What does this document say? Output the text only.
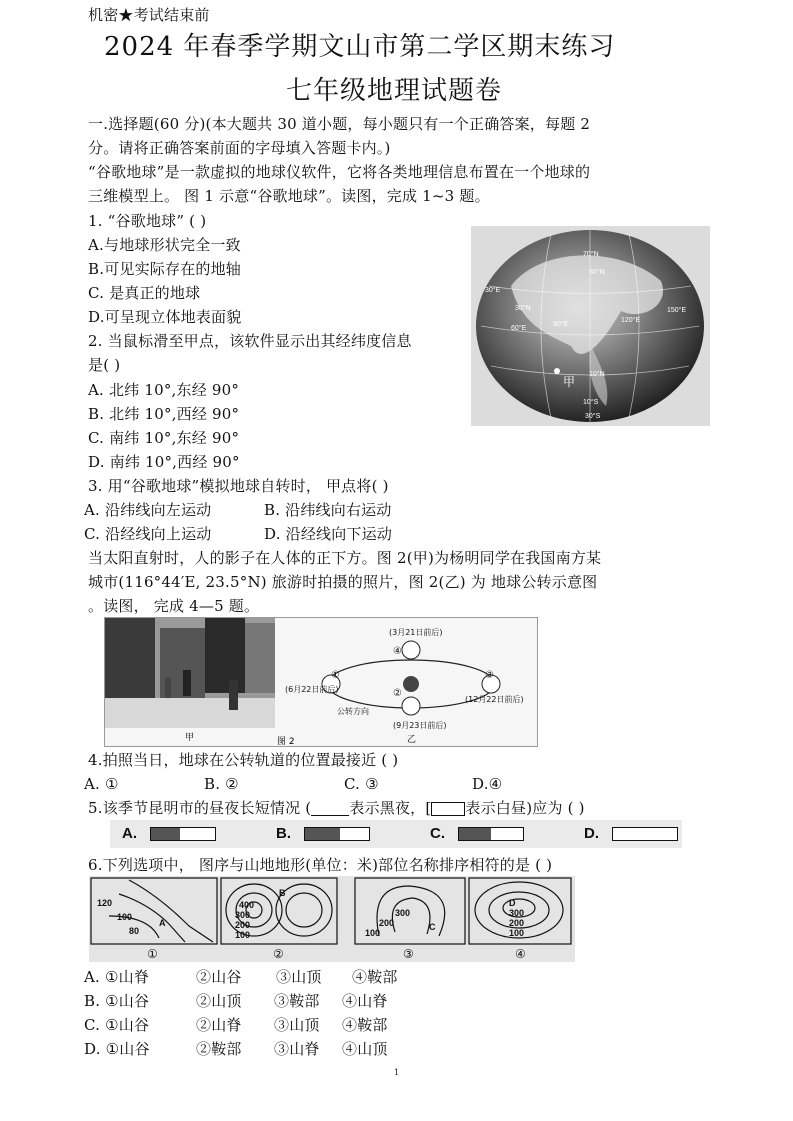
机密★考试结束前
2024 年春季学期文山市第二学区期末练习
七年级地理试题卷
一.选择题(60 分)(本大题共 30 道小题，每小题只有一个正确答案，每题 2
分。请将正确答案前面的字母填入答题卡内。)
“谷歌地球”是一款虚拟的地球仪软件，它将各类地理信息布置在一个地球的
三维模型上。 图 1 示意“谷歌地球”。读图，完成 1~3 题。
1. “谷歌地球” ( )
A.与地球形状完全一致
B.可见实际存在的地轴
C. 是真正的地球
D.可呈现立体地表面貌
2. 当鼠标滑至甲点，该软件显示出其经纬度信息
是( )
A. 北纬 10°,东经 90°
B. 北纬 10°,西经 90°
C. 南纬 10°,东经 90°
D. 南纬 10°,西经 90°
70°N
50°N
30°E
30°N
60°E
90°E
120°E
150°E
10°N
10°S
30°S
甲
3. 用“谷歌地球”模拟地球自转时， 甲点将( )
A. 沿纬线向左运动	B. 沿纬线向右运动
C. 沿经线向上运动	D. 沿经线向下运动
当太阳直射时，人的影子在人体的正下方。图 2(甲)为杨明同学在我国南方某
城市(116°44′E, 23.5°N) 旅游时拍摄的照片，图 2(乙) 为 地球公转示意图
。读图， 完成 4—5 题。
甲	图 2
(3月21日前后)
(6月22日前后)
(12月22日前后)
(9月23日前后)
①
②
③
④
公转方向
乙
4.拍照当日，地球在公转轨道的位置最接近 ( )
A. ①	B. ②	C. ③	D.④
5.该季节昆明市的昼夜长短情况 (	表示黑夜，[ 表示白昼)应为 ( )
A.	B.	C.	D.
6.下列选项中， 图序与山地地形(单位：米)部位名称排序相符的是 ( )
120
100
80
A
400
300
200
100
B
300
200
100
C
D
300
200
100
①	②	③	④
A. ①山脊	②山谷 ③山顶 ④鞍部
B. ①山谷	②山顶 ③鞍部 ④山脊
C. ①山谷	②山脊 ③山顶 ④鞍部
D. ①山谷	②鞍部 ③山脊 ④山顶
1
